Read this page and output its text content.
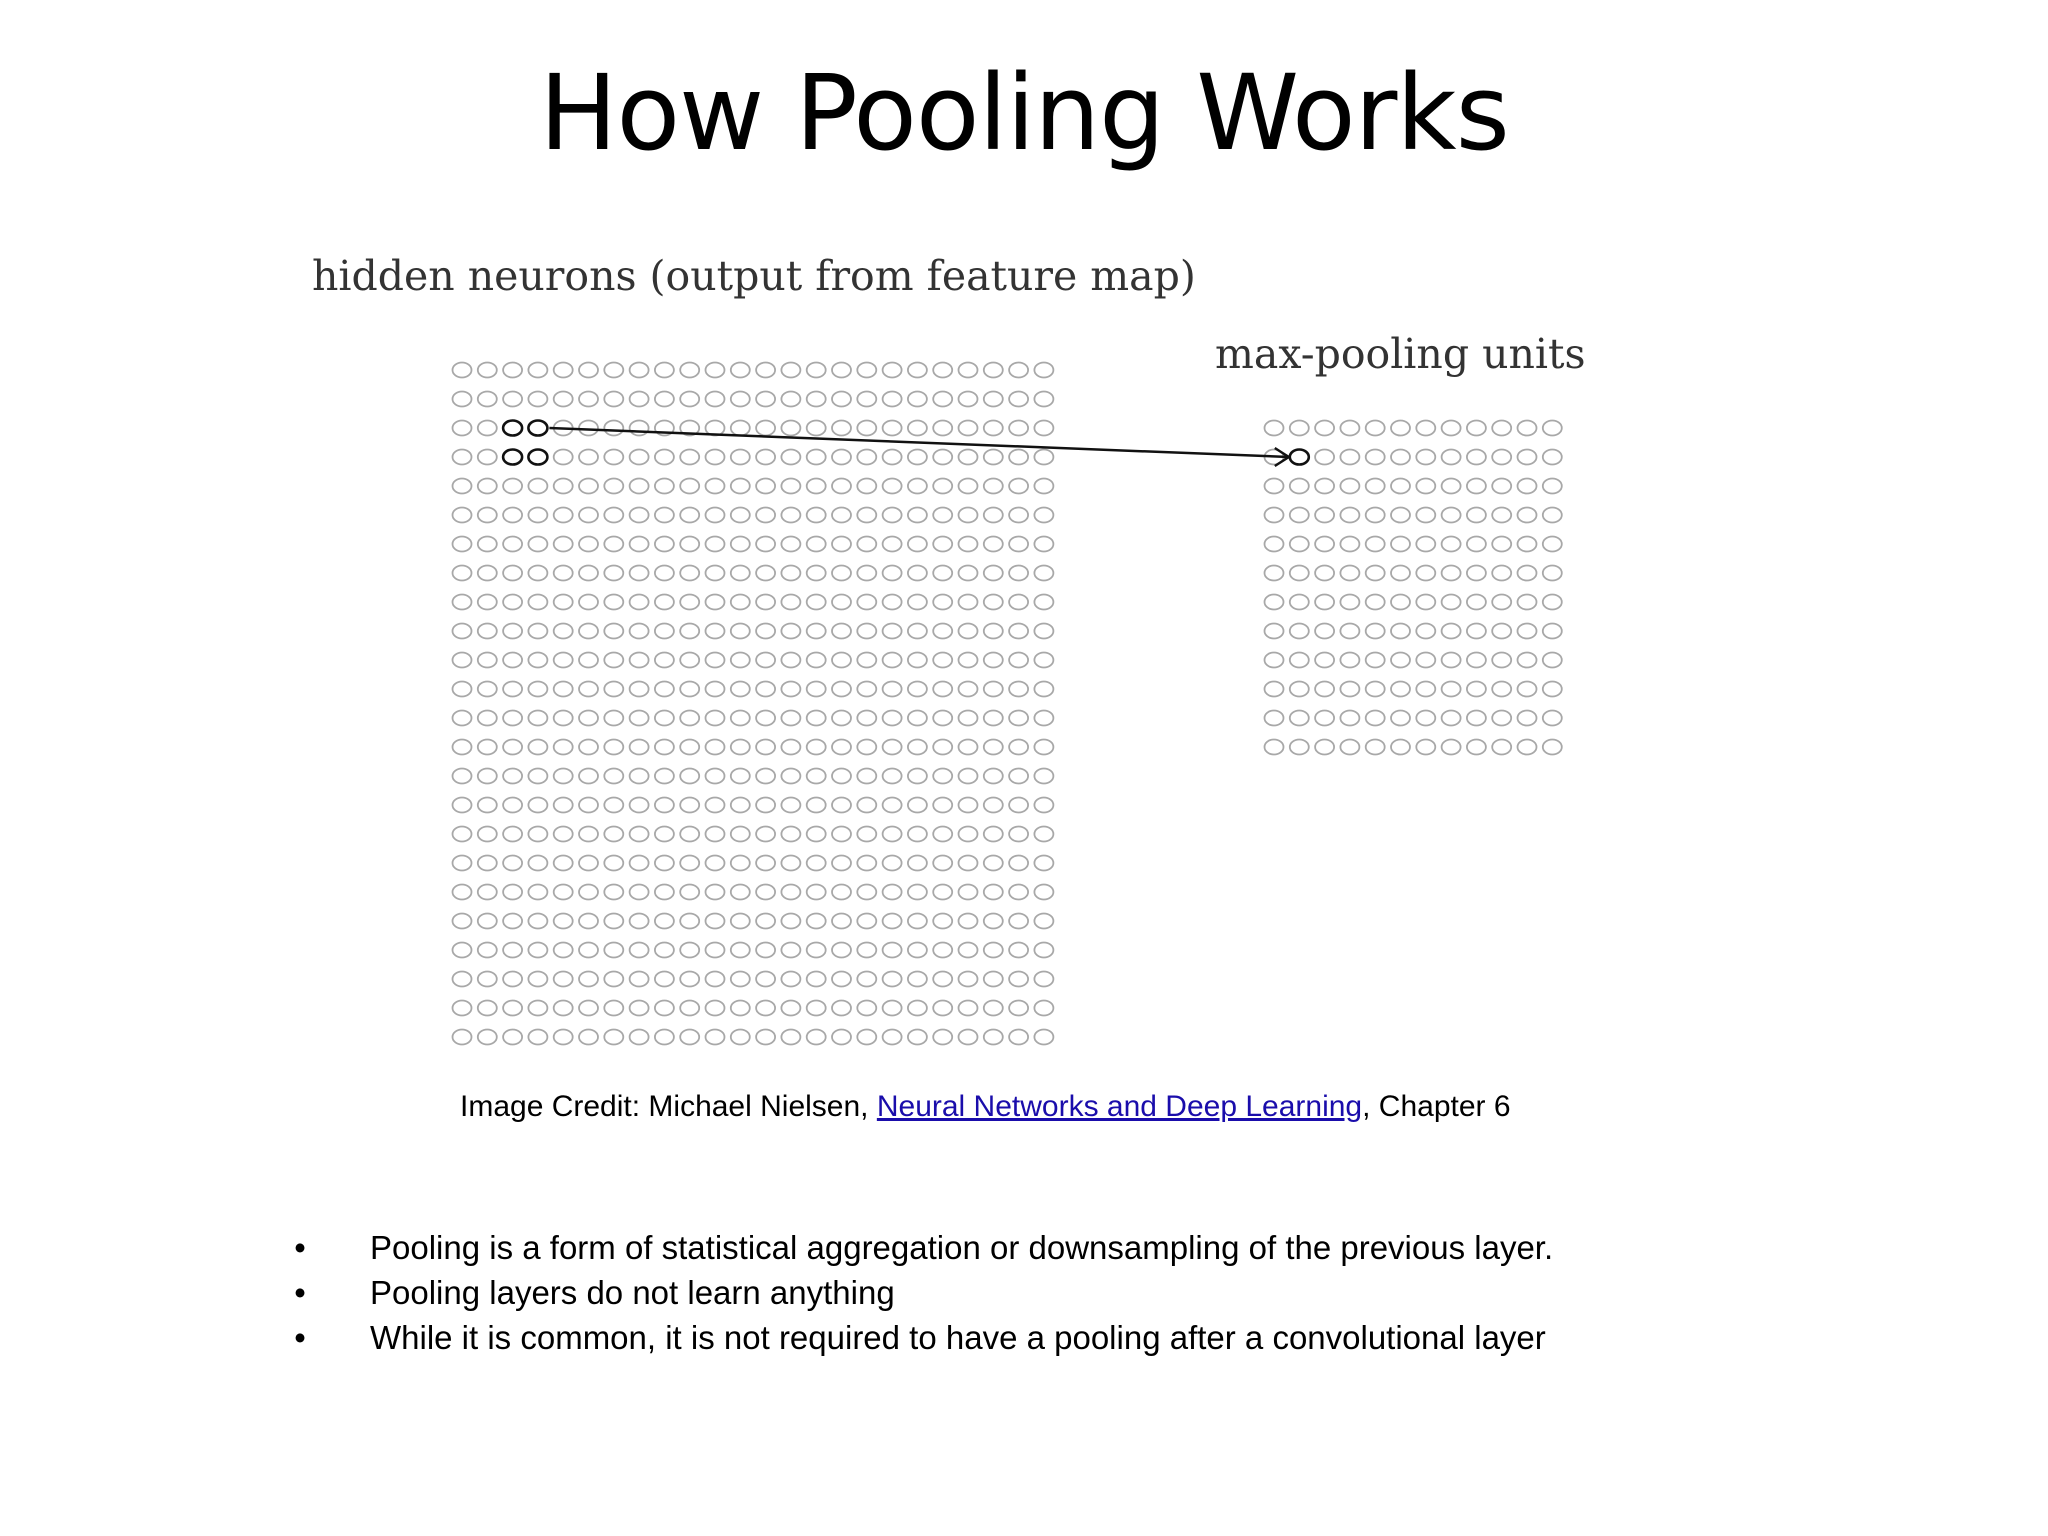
How Pooling Works
hidden neurons (output from feature map)
max-pooling units
Image Credit: Michael Nielsen, Neural Networks and Deep Learning, Chapter 6
• Pooling is a form of statistical aggregation or downsampling of the previous layer.
• Pooling layers do not learn anything
• While it is common, it is not required to have a pooling after a convolutional layer
